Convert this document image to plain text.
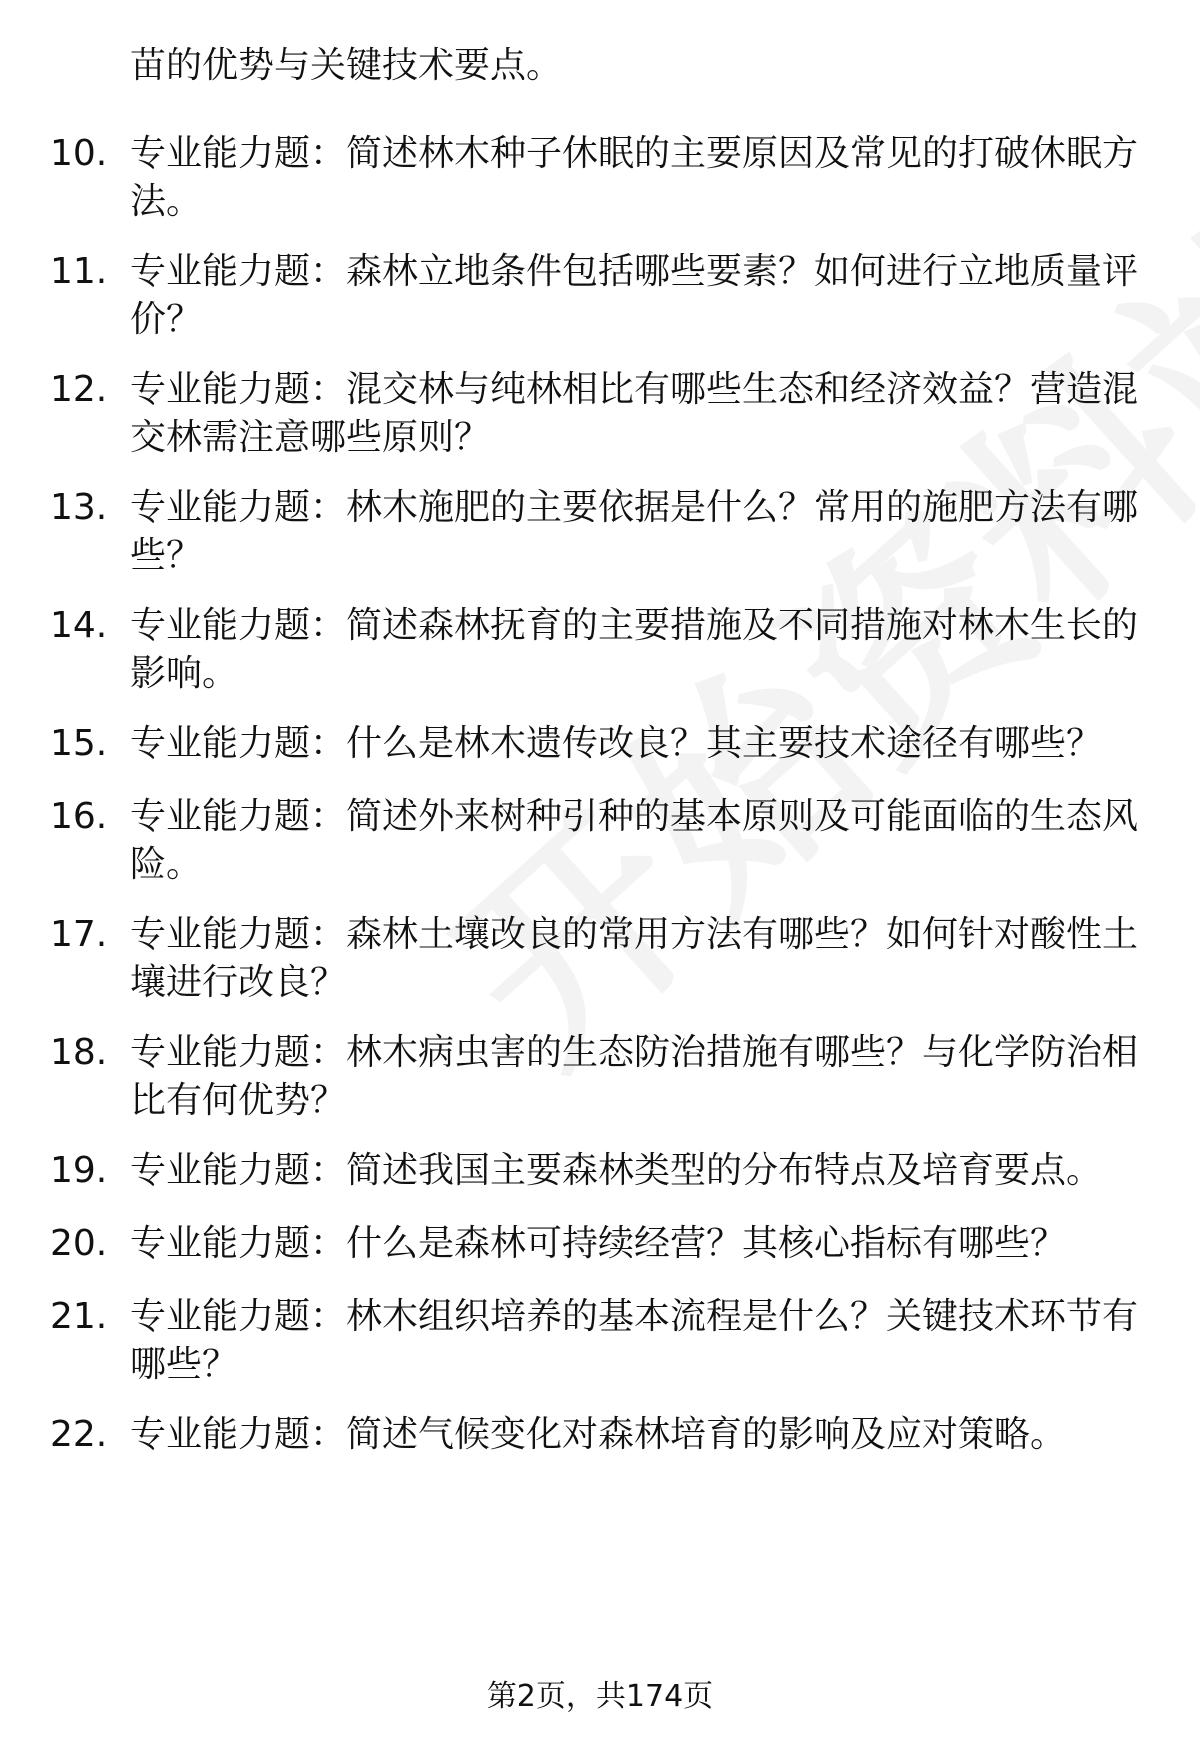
苗的优势与关键技术要点。

10. 专业能力题：简述林木种子休眠的主要原因及常见的打破休眠方法。

11. 专业能力题：森林立地条件包括哪些要素？如何进行立地质量评价？

12. 专业能力题：混交林与纯林相比有哪些生态和经济效益？营造混交林需注意哪些原则？

13. 专业能力题：林木施肥的主要依据是什么？常用的施肥方法有哪些？

14. 专业能力题：简述森林抚育的主要措施及不同措施对林木生长的影响。

15. 专业能力题：什么是林木遗传改良？其主要技术途径有哪些？

16. 专业能力题：简述外来树种引种的基本原则及可能面临的生态风险。

17. 专业能力题：森林土壤改良的常用方法有哪些？如何针对酸性土壤进行改良？

18. 专业能力题：林木病虫害的生态防治措施有哪些？与化学防治相比有何优势？

19. 专业能力题：简述我国主要森林类型的分布特点及培育要点。

20. 专业能力题：什么是森林可持续经营？其核心指标有哪些？

21. 专业能力题：林木组织培养的基本流程是什么？关键技术环节有哪些？

22. 专业能力题：简述气候变化对森林培育的影响及应对策略。

第2页，共174页
